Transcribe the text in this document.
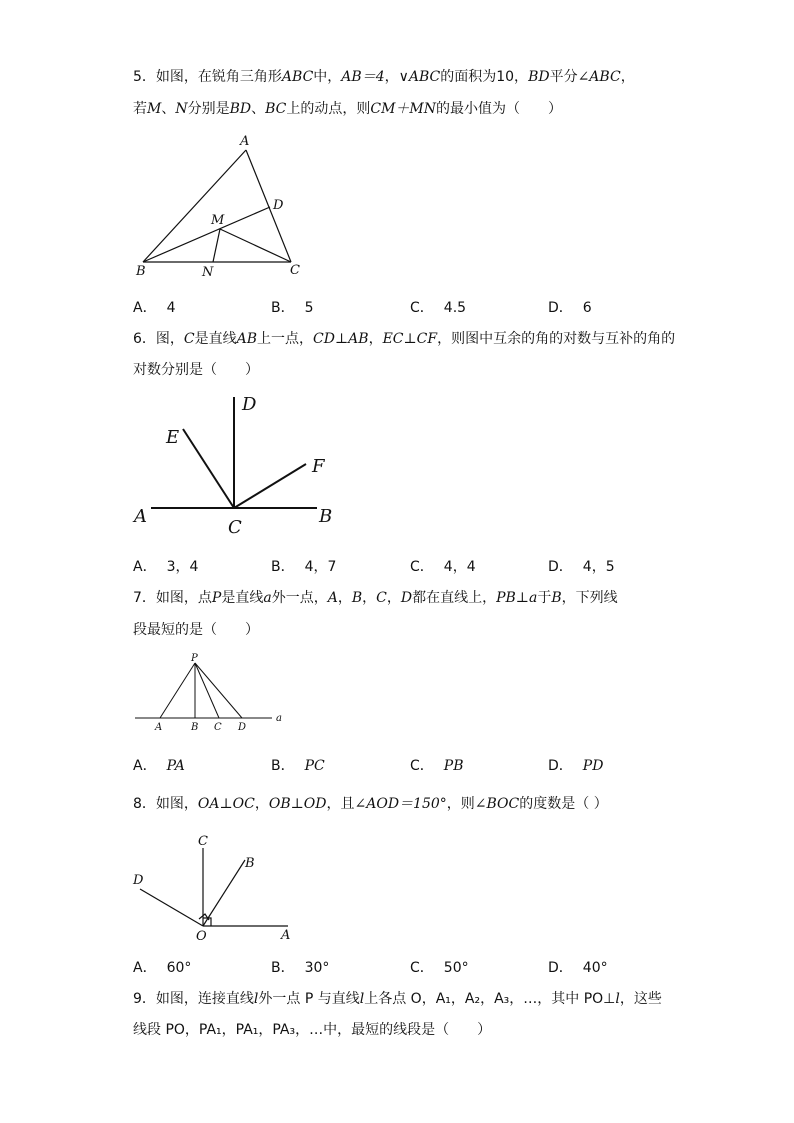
5．如图，在锐角三角形ABC中，AB＝4，∨ABC的面积为10，BD平分∠ABC，
若M、N分别是BD、BC上的动点，则CM＋MN的最小值为（　　）
A
B	C
D
M
N
A． 4	B． 5	C． 4.5	D． 6
6．图，C是直线AB上一点，CD⊥AB，EC⊥CF，则图中互余的角的对数与互补的角的
对数分别是（　　）
A	B
C
D
E
F
A． 3，4	B． 4，7	C． 4，4	D． 4，5
7．如图，点P是直线a外一点，A，B，C，D都在直线上，PB⊥a于B，下列线
段最短的是（　　）
P
A	B C D
a
A． PA	B． PC	C． PB	D． PD
8．如图，OA⊥OC，OB⊥OD，且∠AOD＝150°，则∠BOC的度数是（ ）
A
B
C
D
O
A． 60°	B． 30°	C． 50°	D． 40°
9．如图，连接直线l外一点 P 与直线l上各点 O，A₁，A₂，A₃，…，其中 PO⊥l，这些
线段 PO，PA₁，PA₁，PA₃，…中，最短的线段是（　　）
